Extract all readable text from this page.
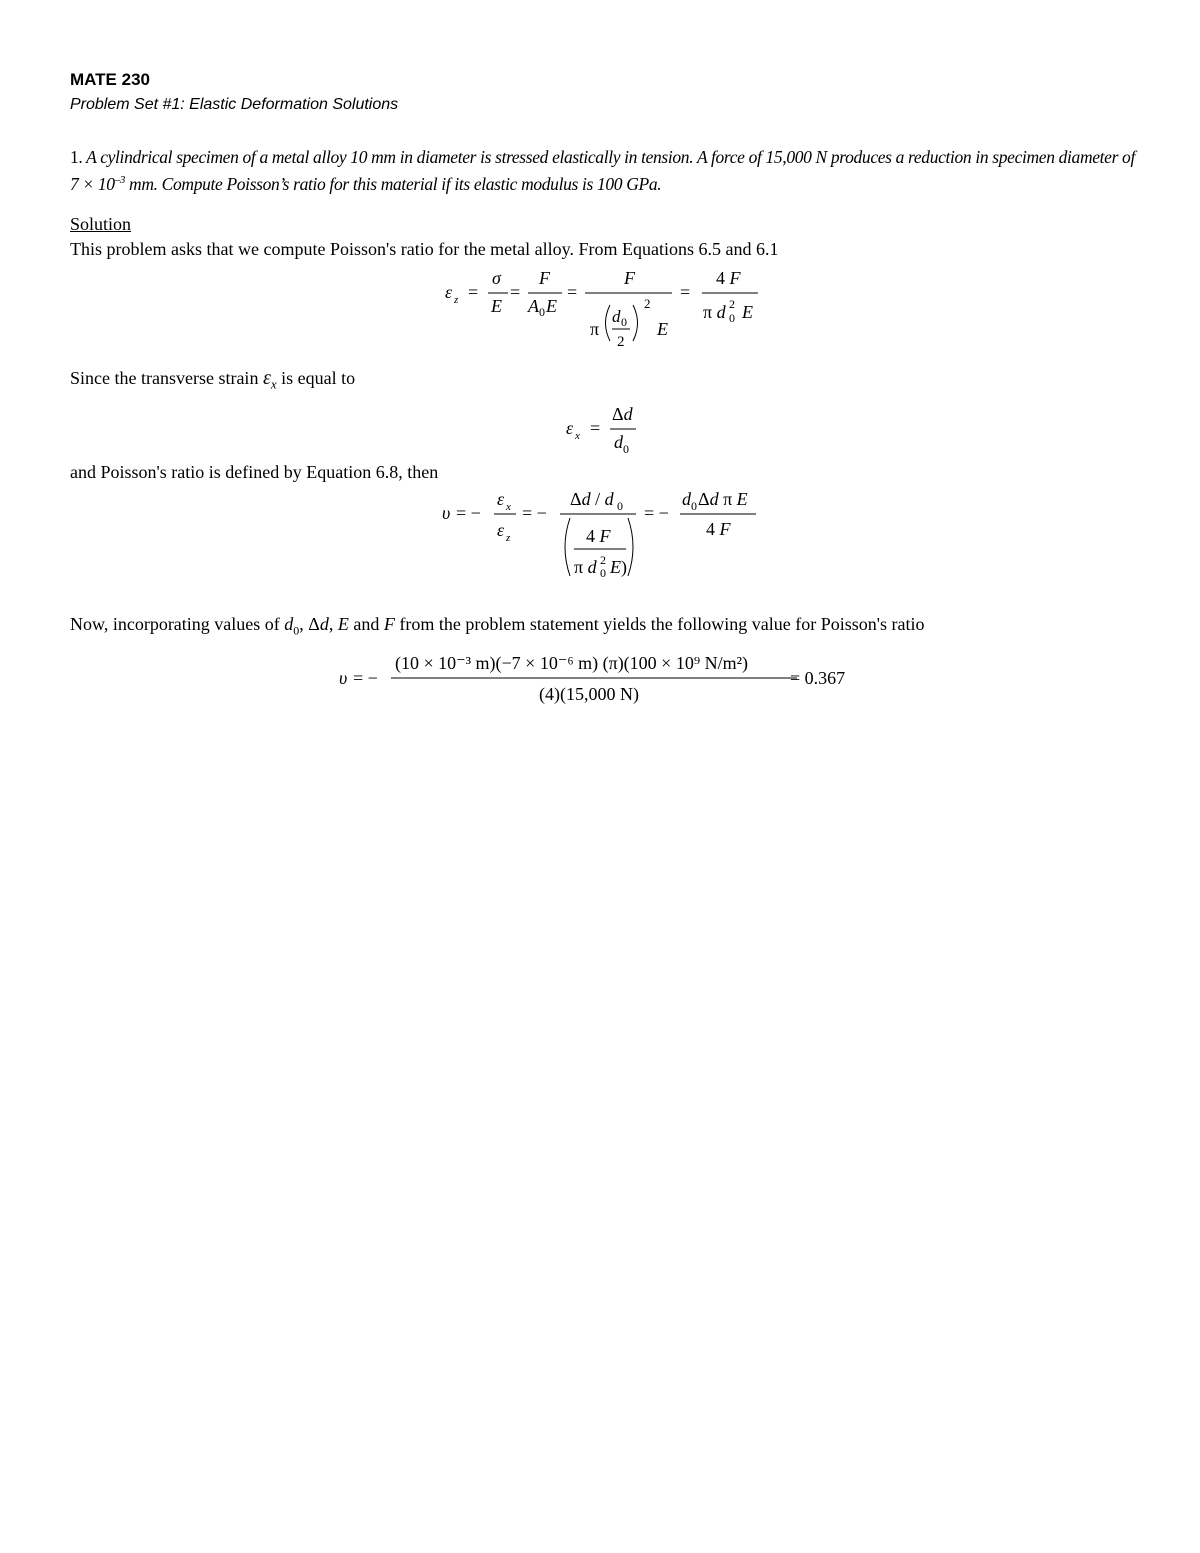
MATE 230
Problem Set #1: Elastic Deformation Solutions
1. A cylindrical specimen of a metal alloy 10 mm in diameter is stressed elastically in tension. A force of 15,000 N produces a reduction in specimen diameter of $7 \times 10^{-3}$ mm. Compute Poisson’s ratio for this material if its elastic modulus is 100 GPa.
Solution
This problem asks that we compute Poisson's ratio for the metal alloy. From Equations 6.5 and 6.1
ε z =
σ
E
=
F
A 0 E
=
F
π
d 0
2
2
E
=
4 F
π d 2
0 E
Since the transverse strain $\varepsilon_x$ is equal to
ε x =
Δd
d 0
and Poisson's ratio is defined by Equation 6.8, then
υ = −
ε x
ε z
= −
Δd / d 0
4 F
π d 2
0 E )
= −
d 0 Δd π E
4 F
Now, incorporating values of $d_0$, Δd, E and F from the problem statement yields the following value for Poisson's ratio
υ = −
(10 × 10⁻³ m)(−7 × 10⁻⁶ m) (π)(100 × 10⁹ N/m²)
(4)(15,000 N)
= 0.367
